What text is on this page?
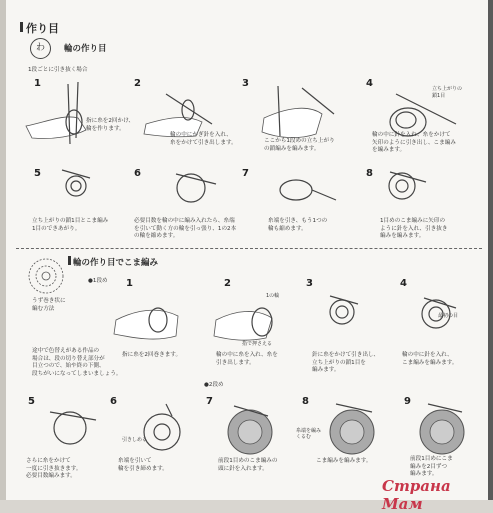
作り目
わ	輪の作り目
1段ごとに引き抜く場合
1	2	3	4	立ち上がりの
鎖1目
指に糸を2回かけ、
輪を作ります。
輪の中にかぎ針を入れ、
糸をかけて引き出します。	ここから1段めの立ち上がり
の鎖編みを編みます。
輪の中に針を入れ、糸をかけて
矢印のように引き出し、こま編み
を編みます。
5	6	7	8
立ち上がりの鎖1目とこま編み
1目のできあがり。
必要目数を輪の中に編み入れたら、糸端
を引いて動く方の輪を引っ張り、1の2本
の輪を縮めます。
糸端を引き、もう1つの
輪も縮めます。
1目めのこま編みに矢印の
ように針を入れ、引き抜き
編みを編みます。
輪の作り目でこま編み
うず巻き状に
編む方法
●1段め 1	2	3	4
1の輪
指で押さえる
最初の目
途中で色替えがある作品の
場合は、段の切り替え部分が
目立つので、始や終の下側、
段ちがいになってしまいましょう。
指に糸を2回巻きます。	輪の中に糸を入れ、糸を
引き出します。
針に糸をかけて引き出し、
立ち上がりの鎖1目を
編みます。
輪の中に針を入れ、
こま編みを編みます。
●2段め
5	6	7	8	9
引きしめる
糸端を編みくるむ
さらに糸をかけて
一度に引き抜きます。
必要目数編みます。
糸端を引いて
輪を引き締めます。
前段1目めのこま編みの
頭に針を入れます。
こま編みを編みます。	前段1目めにこま
編みを2目ずつ
編みます。
Страна Мам
